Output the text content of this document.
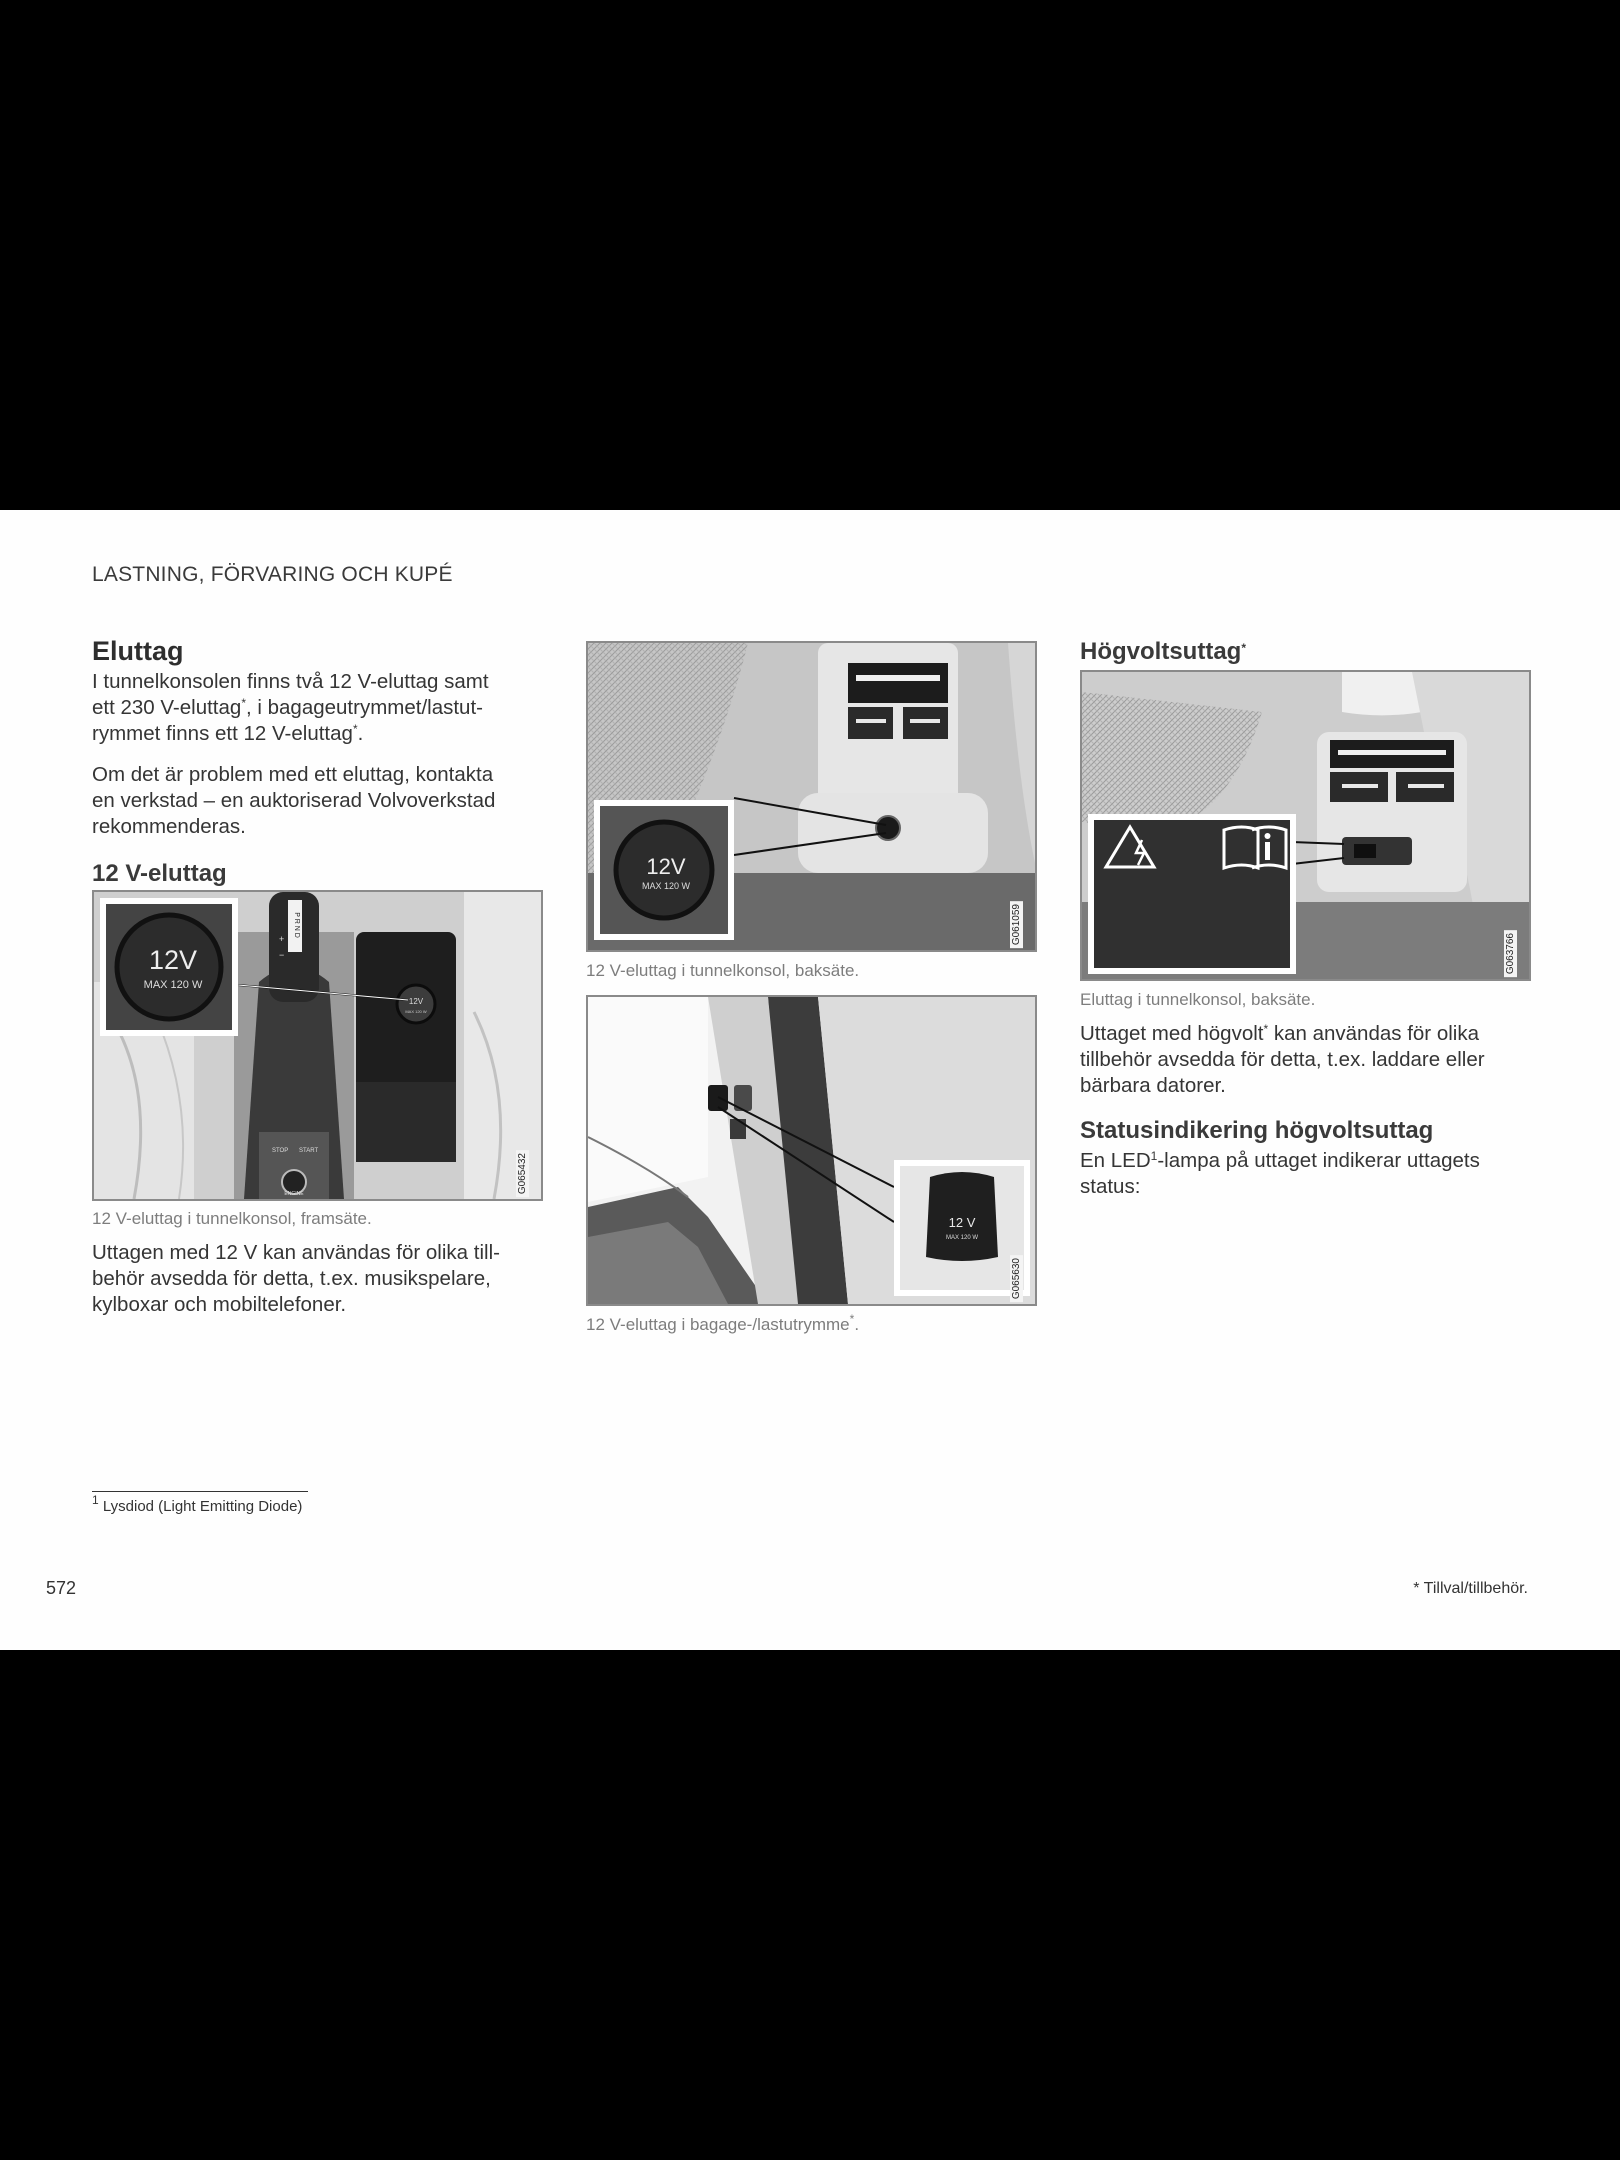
LASTNING, FÖRVARING OCH KUPÉ
Eluttag

I tunnelkonsolen finns två 12 V-eluttag samt
ett 230 V-eluttag*, i bagageutrymmet/lastut-
rymmet finns ett 12 V-eluttag*.

Om det är problem med ett eluttag, kontakta
en verkstad – en auktoriserad Volvoverkstad
rekommenderas.

12 V-eluttag
P R N D
+
−
STOP START
ENGINE
12V
MAX 120 W
12V
MAX 120 W
G065432

12 V-eluttag i tunnelkonsol, framsäte.

Uttagen med 12 V kan användas för olika till-
behör avsedda för detta, t.ex. musikspelare,
kylboxar och mobiltelefoner.

12V
MAX 120 W
G061059

12 V-eluttag i tunnelkonsol, baksäte.

12 V
MAX 120 W
G065630

12 V-eluttag i bagage-/lastutrymme*.

Högvoltsuttag*
G063766

Eluttag i tunnelkonsol, baksäte.

Uttaget med högvolt* kan användas för olika
tillbehör avsedda för detta, t.ex. laddare eller
bärbara datorer.

Statusindikering högvoltsuttag

En LED$^1$-lampa på uttaget indikerar uttagets
status:

$^1$ Lysdiod (Light Emitting Diode)
572	* Tillval/tillbehör.
